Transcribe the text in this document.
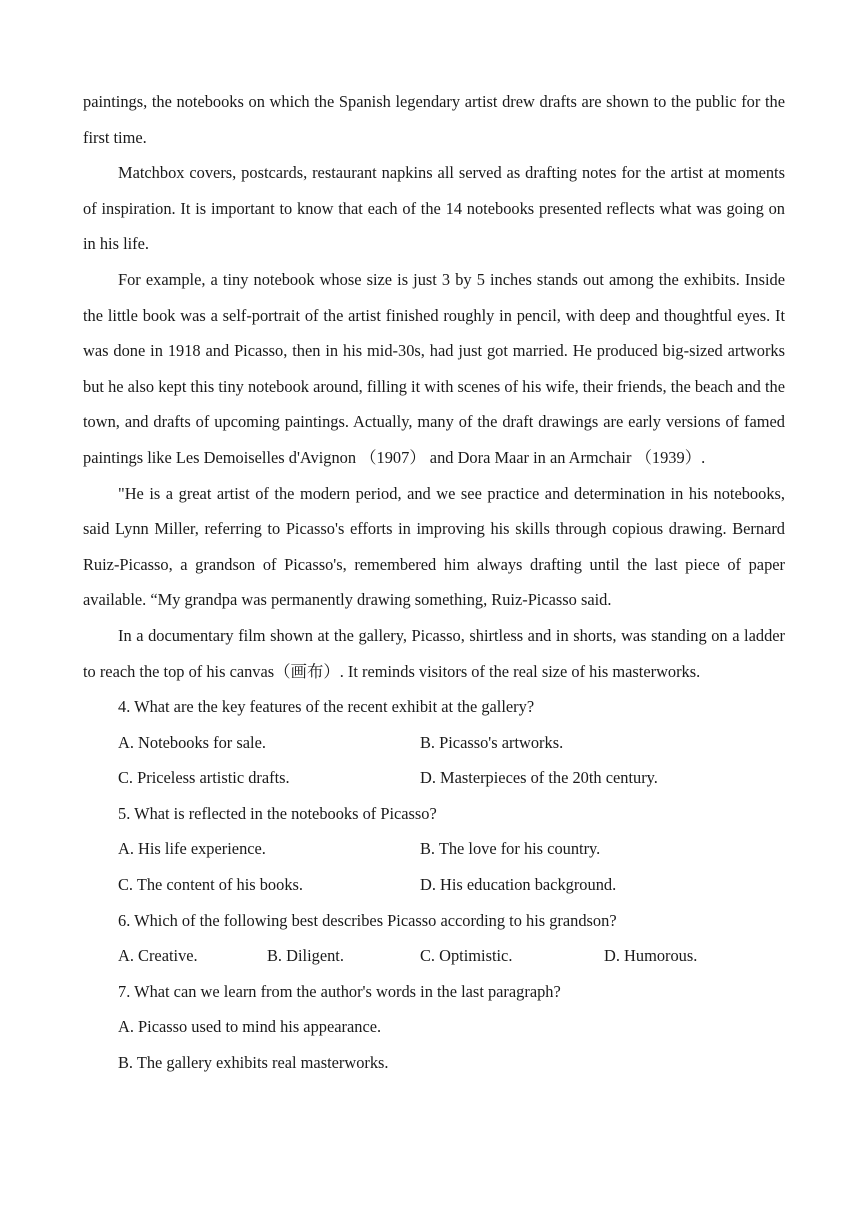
paintings, the notebooks on which the Spanish legendary artist drew drafts are shown to the public for the first time.

Matchbox covers, postcards, restaurant napkins all served as drafting notes for the artist at moments of inspiration. It is important to know that each of the 14 notebooks presented reflects what was going on in his life.

For example, a tiny notebook whose size is just 3 by 5 inches stands out among the exhibits. Inside the little book was a self-portrait of the artist finished roughly in pencil, with deep and thoughtful eyes. It was done in 1918 and Picasso, then in his mid-30s, had just got married. He produced big-sized artworks but he also kept this tiny notebook around, filling it with scenes of his wife, their friends, the beach and the town, and drafts of upcoming paintings. Actually, many of the draft drawings are early versions of famed paintings like Les Demoiselles d'Avignon （1907） and Dora Maar in an Armchair （1939）.

"He is a great artist of the modern period, and we see practice and determination in his notebooks, said Lynn Miller, referring to Picasso's efforts in improving his skills through copious drawing. Bernard Ruiz-Picasso, a grandson of Picasso's, remembered him always drafting until the last piece of paper available. “My grandpa was permanently drawing something, Ruiz-Picasso said.

In a documentary film shown at the gallery, Picasso, shirtless and in shorts, was standing on a ladder to reach the top of his canvas（画布）. It reminds visitors of the real size of his masterworks.

4. What are the key features of the recent exhibit at the gallery?

A. Notebooks for sale.	B. Picasso's artworks.
C. Priceless artistic drafts.	D. Masterpieces of the 20th century.

5. What is reflected in the notebooks of Picasso?

A. His life experience.	B. The love for his country.
C. The content of his books.	D. His education background.

6. Which of the following best describes Picasso according to his grandson?

A. Creative.	B. Diligent.	C. Optimistic.	D. Humorous.

7. What can we learn from the author's words in the last paragraph?

A. Picasso used to mind his appearance.
B. The gallery exhibits real masterworks.
